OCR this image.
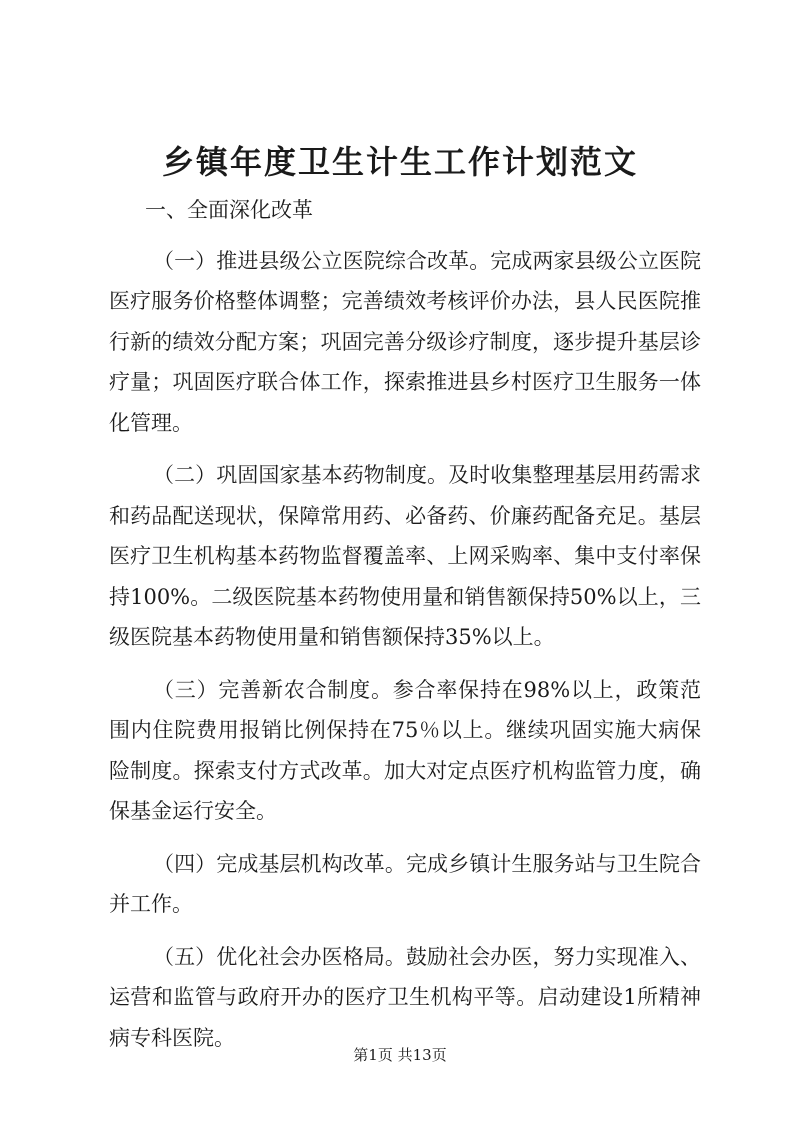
乡镇年度卫生计生工作计划范文

一、全面深化改革

（一）推进县级公立医院综合改革。完成两家县级公立医院医疗服务价格整体调整；完善绩效考核评价办法，县人民医院推行新的绩效分配方案；巩固完善分级诊疗制度，逐步提升基层诊疗量；巩固医疗联合体工作，探索推进县乡村医疗卫生服务一体化管理。

（二）巩固国家基本药物制度。及时收集整理基层用药需求和药品配送现状，保障常用药、必备药、价廉药配备充足。基层医疗卫生机构基本药物监督覆盖率、上网采购率、集中支付率保持100%。二级医院基本药物使用量和销售额保持50%以上，三级医院基本药物使用量和销售额保持35%以上。

（三）完善新农合制度。参合率保持在98%以上，政策范围内住院费用报销比例保持在75％以上。继续巩固实施大病保险制度。探索支付方式改革。加大对定点医疗机构监管力度，确保基金运行安全。

（四）完成基层机构改革。完成乡镇计生服务站与卫生院合并工作。

（五）优化社会办医格局。鼓励社会办医，努力实现准入、运营和监管与政府开办的医疗卫生机构平等。启动建设1所精神病专科医院。

第1页 共13页
